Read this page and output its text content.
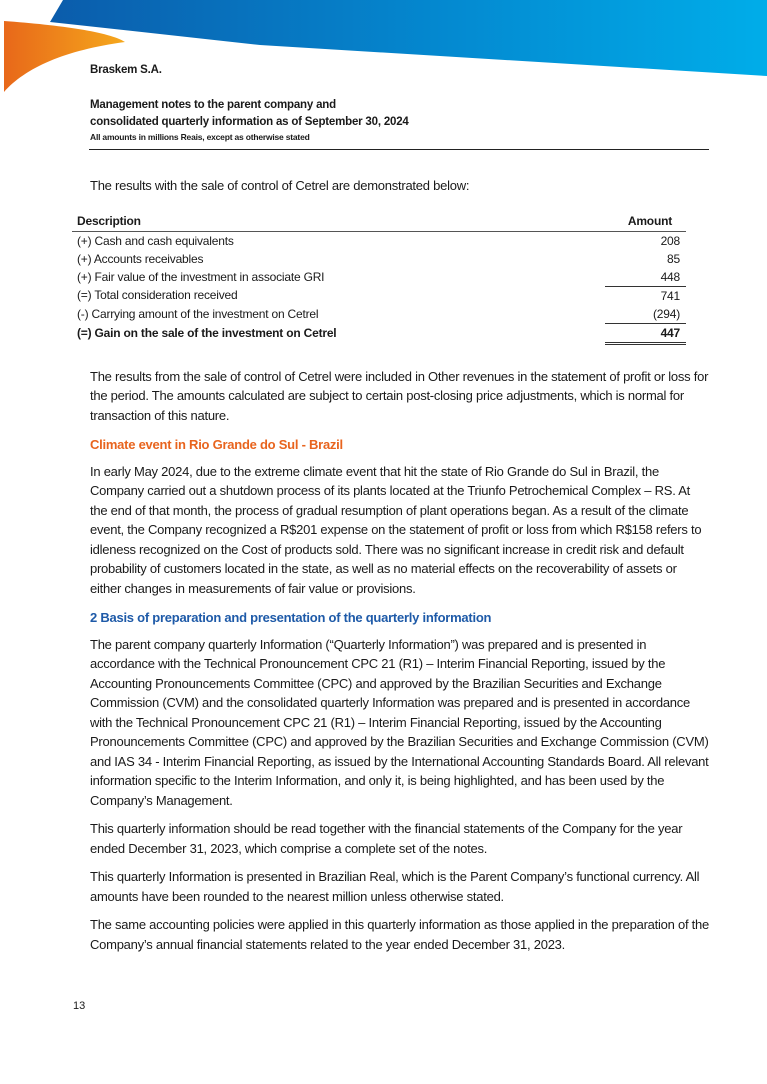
Braskem S.A.

Management notes to the parent company and

consolidated quarterly information as of September 30, 2024

All amounts in millions Reais, except as otherwise stated

The results with the sale of control of Cetrel are demonstrated below:

Description	Amount
(+) Cash and cash equivalents	208
(+) Accounts receivables	85
(+) Fair value of the investment in associate GRI	448
(=) Total consideration received	741
(-) Carrying amount of the investment on Cetrel	(294)
(=) Gain on the sale of the investment on Cetrel	447

The results from the sale of control of Cetrel were included in Other revenues in the statement of profit or loss for the period. The amounts calculated are subject to certain post-closing price adjustments, which is normal for transaction of this nature.

Climate event in Rio Grande do Sul - Brazil

In early May 2024, due to the extreme climate event that hit the state of Rio Grande do Sul in Brazil, the Company carried out a shutdown process of its plants located at the Triunfo Petrochemical Complex – RS. At the end of that month, the process of gradual resumption of plant operations began. As a result of the climate event, the Company recognized a R$201 expense on the statement of profit or loss from which R$158 refers to idleness recognized on the Cost of products sold. There was no significant increase in credit risk and default probability of customers located in the state, as well as no material effects on the recoverability of assets or either changes in measurements of fair value or provisions.

2 Basis of preparation and presentation of the quarterly information

The parent company quarterly Information (“Quarterly Information”) was prepared and is presented in accordance with the Technical Pronouncement CPC 21 (R1) – Interim Financial Reporting, issued by the Accounting Pronouncements Committee (CPC) and approved by the Brazilian Securities and Exchange Commission (CVM) and the consolidated quarterly Information was prepared and is presented in accordance with the Technical Pronouncement CPC 21 (R1) – Interim Financial Reporting, issued by the Accounting Pronouncements Committee (CPC) and approved by the Brazilian Securities and Exchange Commission (CVM) and IAS 34 - Interim Financial Reporting, as issued by the International Accounting Standards Board. All relevant information specific to the Interim Information, and only it, is being highlighted, and has been used by the Company’s Management.

This quarterly information should be read together with the financial statements of the Company for the year ended December 31, 2023, which comprise a complete set of the notes.

This quarterly Information is presented in Brazilian Real, which is the Parent Company’s functional currency. All amounts have been rounded to the nearest million unless otherwise stated.

The same accounting policies were applied in this quarterly information as those applied in the preparation of the Company’s annual financial statements related to the year ended December 31, 2023.

13
